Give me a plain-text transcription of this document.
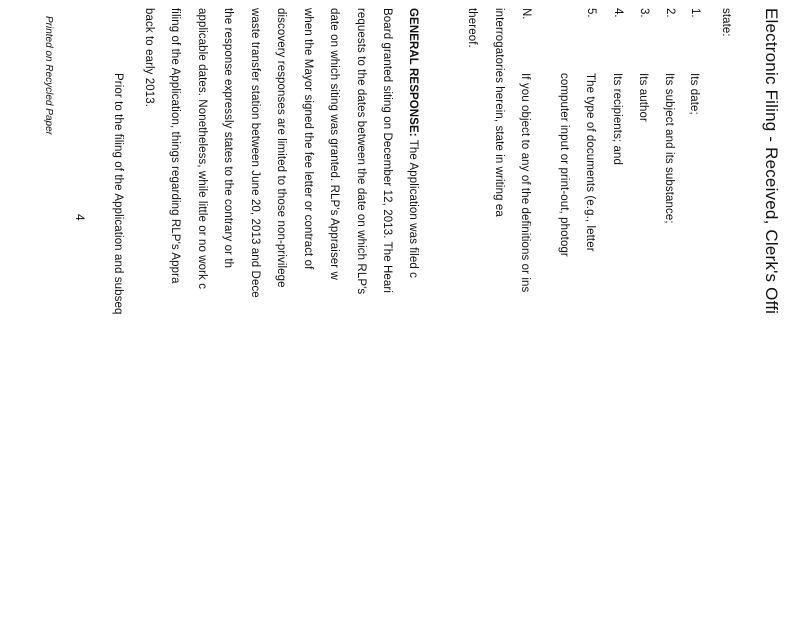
Electronic Filing - Received, Clerk's Offi
state:
1.
Its date;
2.
Its subject and its substance;
3.
Its author
4.
Its recipients; and
5.
The type of documents (e.g., letter
computer input or print-out, photogr
N.
If you object to any of the definitions or ins
interrogatories herein, state in writing ea
thereof.
GENERAL RESPONSE: The Application was filed c
Board granted siting on December 12, 2013. The Heari
requests to the dates between the date on which RLP's
date on which siting was granted. RLP's Appraiser w
when the Mayor signed the fee letter or contract of
discovery responses are limited to those non-privilege
waste transfer station between June 20, 2013 and Dece
the response expressly states to the contrary or th
applicable dates. Nonetheless, while little or no work c
filing of the Application, things regarding RLP's Appra
back to early 2013.
Prior to the filing of the Application and subseq
4
Printed on Recycled Paper
